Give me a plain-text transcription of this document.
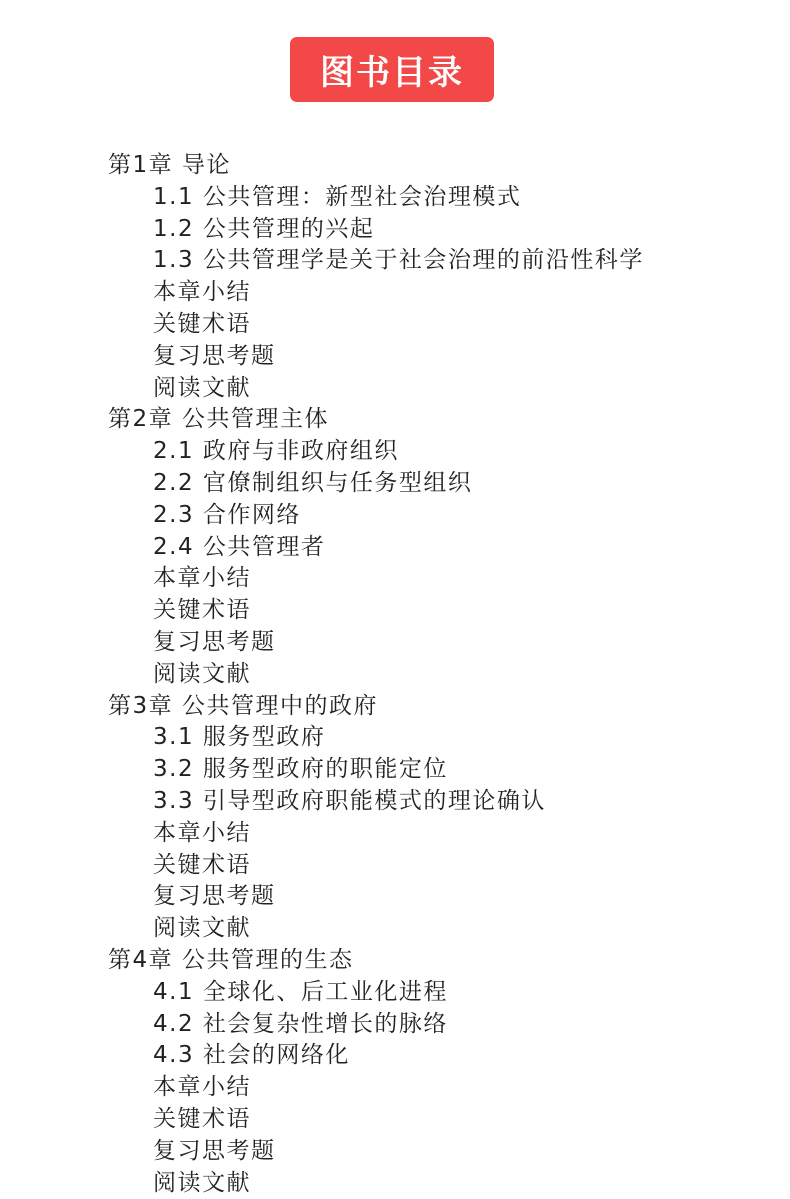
图书目录
第1章 导论
1.1 公共管理：新型社会治理模式
1.2 公共管理的兴起
1.3 公共管理学是关于社会治理的前沿性科学
本章小结
关键术语
复习思考题
阅读文献
第2章 公共管理主体
2.1 政府与非政府组织
2.2 官僚制组织与任务型组织
2.3 合作网络
2.4 公共管理者
本章小结
关键术语
复习思考题
阅读文献
第3章 公共管理中的政府
3.1 服务型政府
3.2 服务型政府的职能定位
3.3 引导型政府职能模式的理论确认
本章小结
关键术语
复习思考题
阅读文献
第4章 公共管理的生态
4.1 全球化、后工业化进程
4.2 社会复杂性增长的脉络
4.3 社会的网络化
本章小结
关键术语
复习思考题
阅读文献
